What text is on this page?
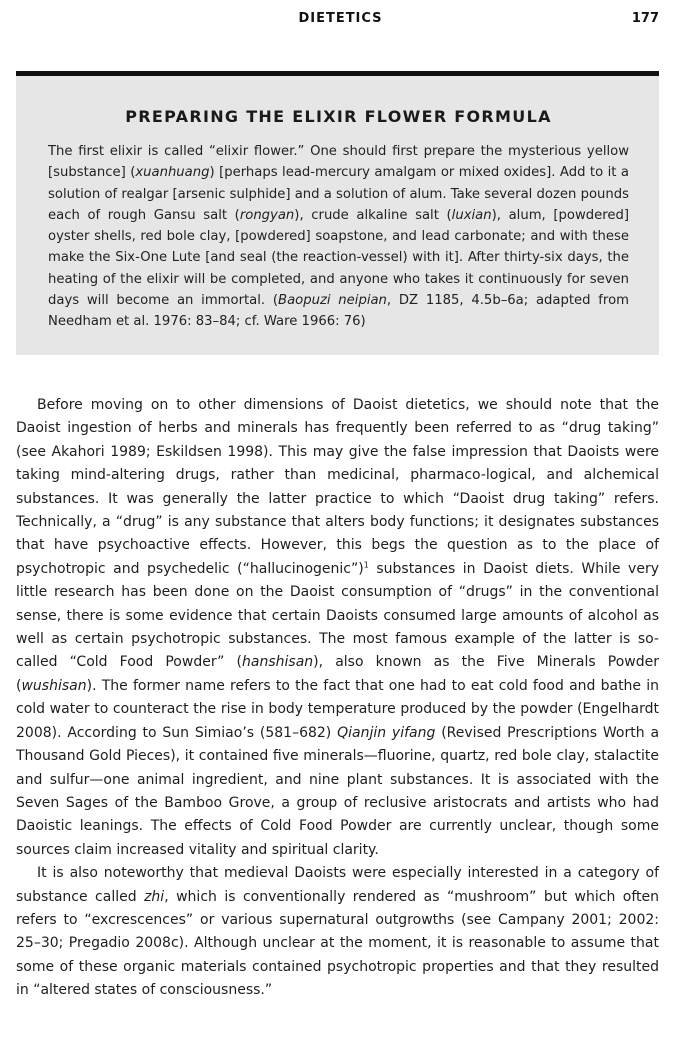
DIETETICS	177
PREPARING THE ELIXIR FLOWER FORMULA

The first elixir is called “elixir flower.” One should first prepare the mysterious yellow [substance] (xuanhuang) [perhaps lead-mercury amalgam or mixed oxides]. Add to it a solution of realgar [arsenic sulphide] and a solution of alum. Take several dozen pounds each of rough Gansu salt (rongyan), crude alkaline salt (luxian), alum, [powdered] oyster shells, red bole clay, [powdered] soapstone, and lead carbonate; and with these make the Six-One Lute [and seal (the reaction-vessel) with it]. After thirty-six days, the heating of the elixir will be completed, and anyone who takes it continuously for seven days will become an immortal. (Baopuzi neipian, DZ 1185, 4.5b–6a; adapted from Needham et al. 1976: 83–84; cf. Ware 1966: 76)

Before moving on to other dimensions of Daoist dietetics, we should note that the Daoist ingestion of herbs and minerals has frequently been referred to as “drug taking” (see Akahori 1989; Eskildsen 1998). This may give the false impression that Daoists were taking mind-altering drugs, rather than medicinal, pharmaco-logical, and alchemical substances. It was generally the latter practice to which “Daoist drug taking” refers. Technically, a “drug” is any substance that alters body functions; it designates substances that have psychoactive effects. However, this begs the question as to the place of psychotropic and psychedelic (“hallucinogenic”)$^1$ substances in Daoist diets. While very little research has been done on the Daoist consumption of “drugs” in the conventional sense, there is some evidence that certain Daoists consumed large amounts of alcohol as well as certain psychotropic substances. The most famous example of the latter is so-called “Cold Food Powder” (hanshisan), also known as the Five Minerals Powder (wushisan). The former name refers to the fact that one had to eat cold food and bathe in cold water to counteract the rise in body temperature produced by the powder (Engelhardt 2008). According to Sun Simiao’s (581–682) Qianjin yifang (Revised Prescriptions Worth a Thousand Gold Pieces), it contained five minerals—fluorine, quartz, red bole clay, stalactite and sulfur—one animal ingredient, and nine plant substances. It is associated with the Seven Sages of the Bamboo Grove, a group of reclusive aristocrats and artists who had Daoistic leanings. The effects of Cold Food Powder are currently unclear, though some sources claim increased vitality and spiritual clarity.

It is also noteworthy that medieval Daoists were especially interested in a category of substance called zhi, which is conventionally rendered as “mushroom” but which often refers to “excrescences” or various supernatural outgrowths (see Campany 2001; 2002: 25–30; Pregadio 2008c). Although unclear at the moment, it is reasonable to assume that some of these organic materials contained psychotropic properties and that they resulted in “altered states of consciousness.”
